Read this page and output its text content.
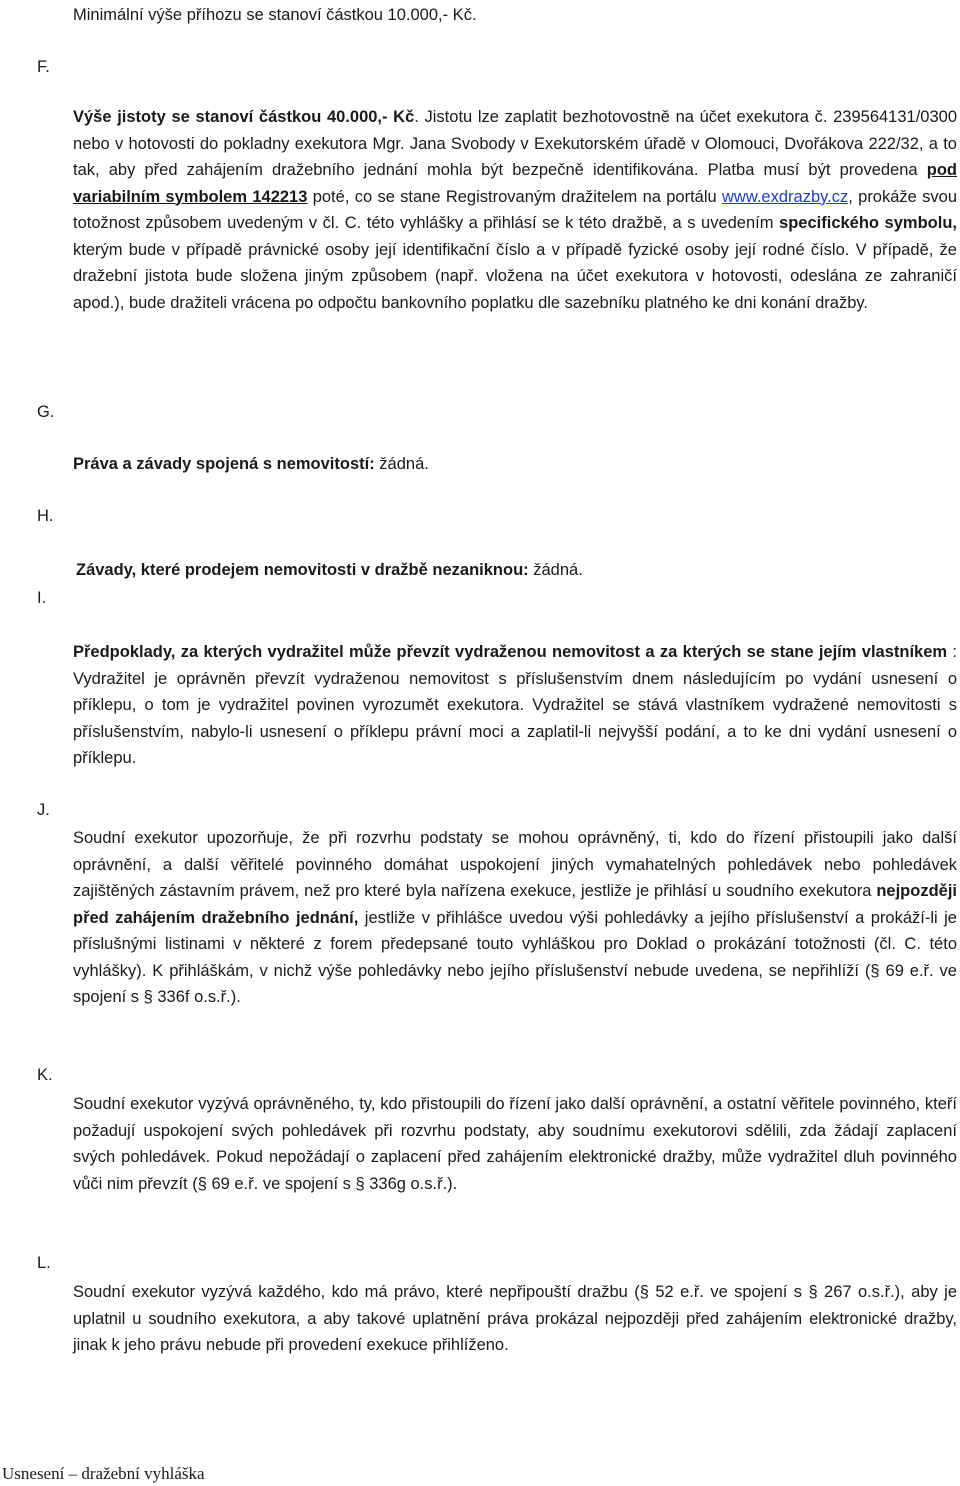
Minimální výše příhozu se stanoví částkou 10.000,- Kč.
F.

Výše jistoty se stanoví částkou 40.000,- Kč. Jistotu lze zaplatit bezhotovostně na účet exekutora č. 239564131/0300 nebo v hotovosti do pokladny exekutora Mgr. Jana Svobody v Exekutorském úřadě v Olomouci, Dvořákova 222/32, a to tak, aby před zahájením dražebního jednání mohla být bezpečně identifikována. Platba musí být provedena pod variabilním symbolem 142213 poté, co se stane Registrovaným dražitelem na portálu www.exdrazby.cz, prokáže svou totožnost způsobem uvedeným v čl. C. této vyhlášky a přihlásí se k této dražbě, a s uvedením specifického symbolu, kterým bude v případě právnické osoby její identifikační číslo a v případě fyzické osoby její rodné číslo. V případě, že dražební jistota bude složena jiným způsobem (např. vložena na účet exekutora v hotovosti, odeslána ze zahraničí apod.), bude dražiteli vrácena po odpočtu bankovního poplatku dle sazebníku platného ke dni konání dražby.

G.
Práva a závady spojená s nemovitostí: žádná.
H.
Závady, které prodejem nemovitosti v dražbě nezaniknou: žádná.
I.

Předpoklady, za kterých vydražitel může převzít vydraženou nemovitost a za kterých se stane jejím vlastníkem : Vydražitel je oprávněn převzít vydraženou nemovitost s příslušenstvím dnem následujícím po vydání usnesení o příklepu, o tom je vydražitel povinen vyrozumět exekutora. Vydražitel se stává vlastníkem vydražené nemovitosti s příslušenstvím, nabylo-li usnesení o příklepu právní moci a zaplatil-li nejvyšší podání, a to ke dni vydání usnesení o příklepu.

J.

Soudní exekutor upozorňuje, že při rozvrhu podstaty se mohou oprávněný, ti, kdo do řízení přistoupili jako další oprávnění, a další věřitelé povinného domáhat uspokojení jiných vymahatelných pohledávek nebo pohledávek zajištěných zástavním právem, než pro které byla nařízena exekuce, jestliže je přihlásí u soudního exekutora nejpozději před zahájením dražebního jednání, jestliže v přihlášce uvedou výši pohledávky a jejího příslušenství a prokáží-li je příslušnými listinami v některé z forem předepsané touto vyhláškou pro Doklad o prokázání totožnosti (čl. C. této vyhlášky). K přihláškám, v nichž výše pohledávky nebo jejího příslušenství nebude uvedena, se nepřihlíží (§ 69 e.ř. ve spojení s § 336f o.s.ř.).

K.

Soudní exekutor vyzývá oprávněného, ty, kdo přistoupili do řízení jako další oprávnění, a ostatní věřitele povinného, kteří požadují uspokojení svých pohledávek při rozvrhu podstaty, aby soudnímu exekutorovi sdělili, zda žádají zaplacení svých pohledávek. Pokud nepožádají o zaplacení před zahájením elektronické dražby, může vydražitel dluh povinného vůči nim převzít (§ 69 e.ř. ve spojení s § 336g o.s.ř.).

L.

Soudní exekutor vyzývá každého, kdo má právo, které nepřipouští dražbu (§ 52 e.ř. ve spojení s § 267 o.s.ř.), aby je uplatnil u soudního exekutora, a aby takové uplatnění práva prokázal nejpozději před zahájením elektronické dražby, jinak k jeho právu nebude při provedení exekuce přihlíženo.

Usnesení – dražební vyhláška
